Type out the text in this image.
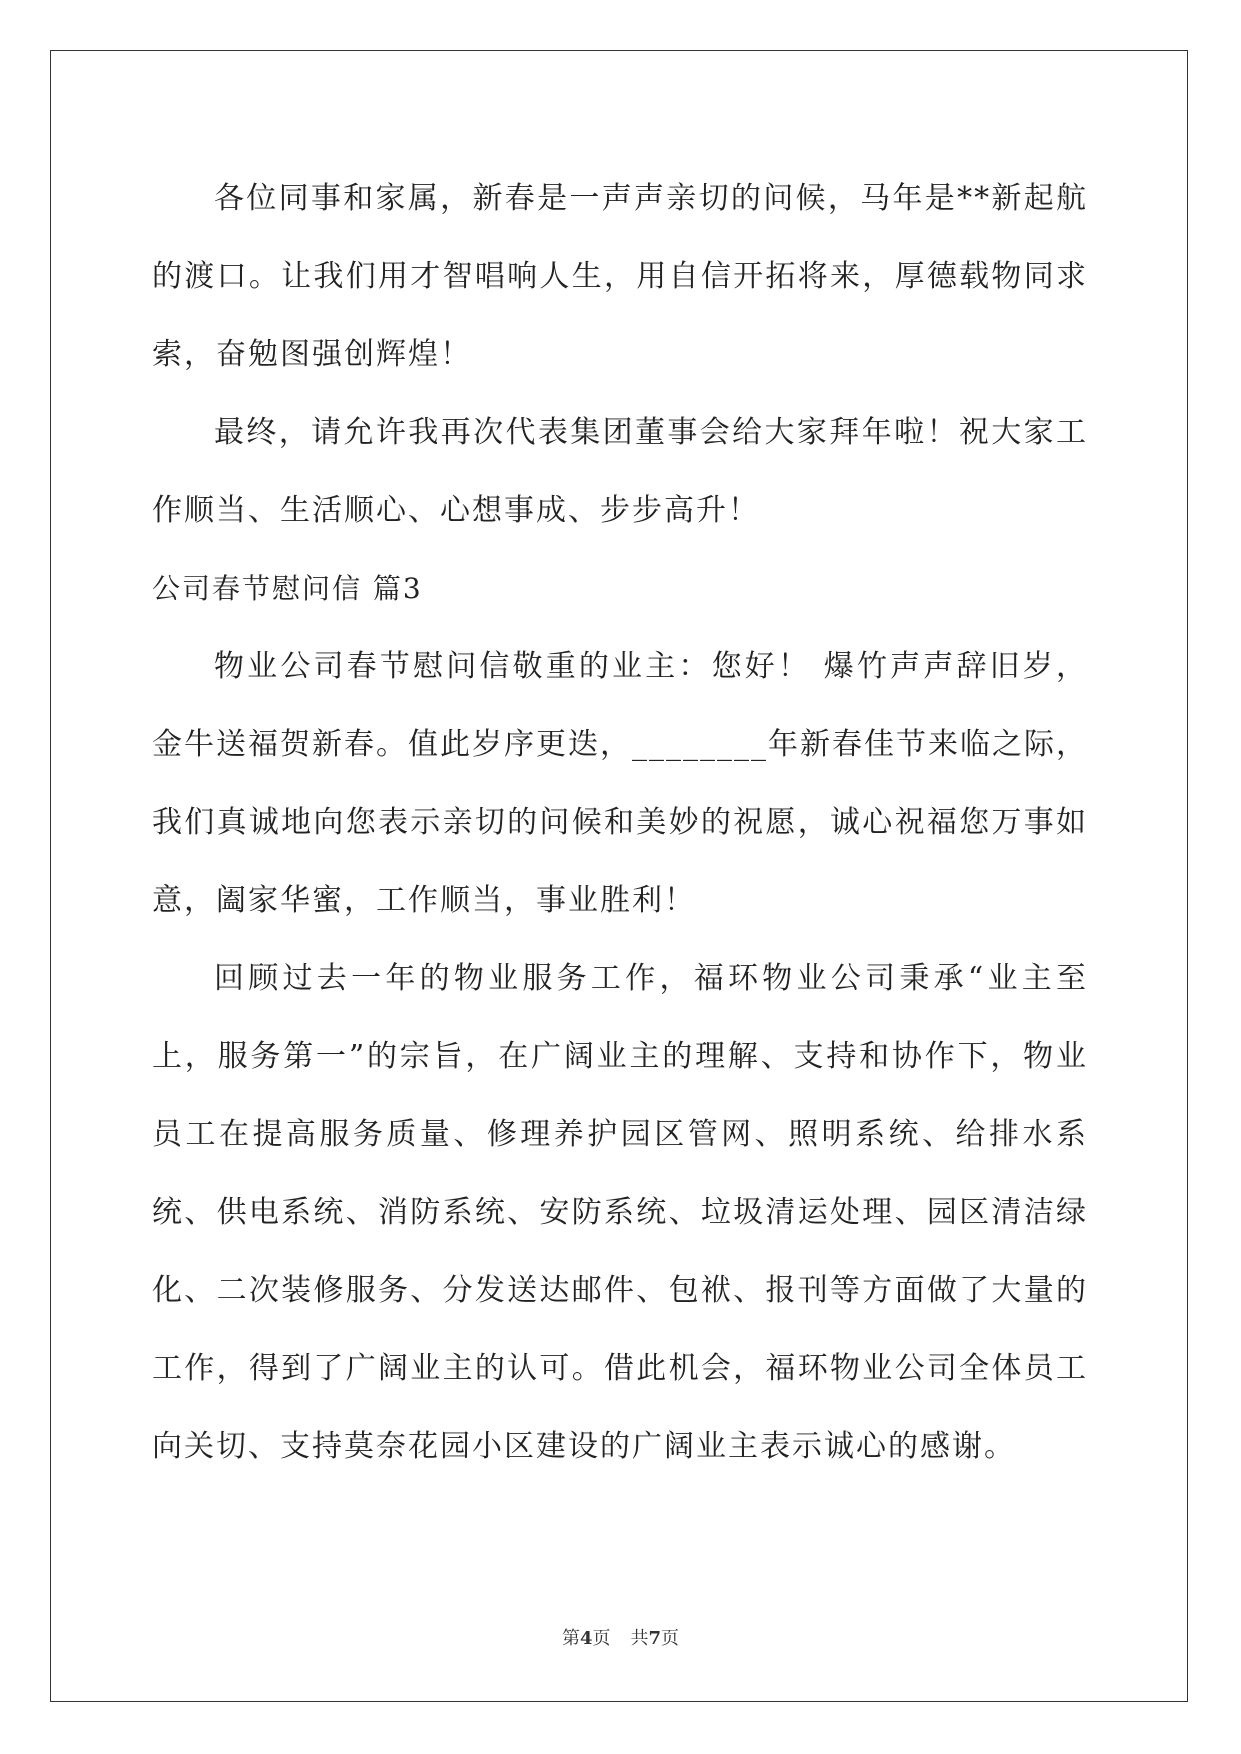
各位同事和家属，新春是一声声亲切的问候，马年是**新起航的渡口。让我们用才智唱响人生，用自信开拓将来，厚德载物同求索，奋勉图强创辉煌！

最终，请允许我再次代表集团董事会给大家拜年啦！祝大家工作顺当、生活顺心、心想事成、步步高升！

公司春节慰问信 篇3

物业公司春节慰问信敬重的业主：您好！ 爆竹声声辞旧岁，金牛送福贺新春。值此岁序更迭，________年新春佳节来临之际，我们真诚地向您表示亲切的问候和美妙的祝愿，诚心祝福您万事如意，阖家华蜜，工作顺当，事业胜利！

回顾过去一年的物业服务工作，福环物业公司秉承“业主至上，服务第一”的宗旨，在广阔业主的理解、支持和协作下，物业员工在提高服务质量、修理养护园区管网、照明系统、给排水系统、供电系统、消防系统、安防系统、垃圾清运处理、园区清洁绿化、二次装修服务、分发送达邮件、包袱、报刊等方面做了大量的工作，得到了广阔业主的认可。借此机会，福环物业公司全体员工向关切、支持莫奈花园小区建设的广阔业主表示诚心的感谢。

第4页 共7页
